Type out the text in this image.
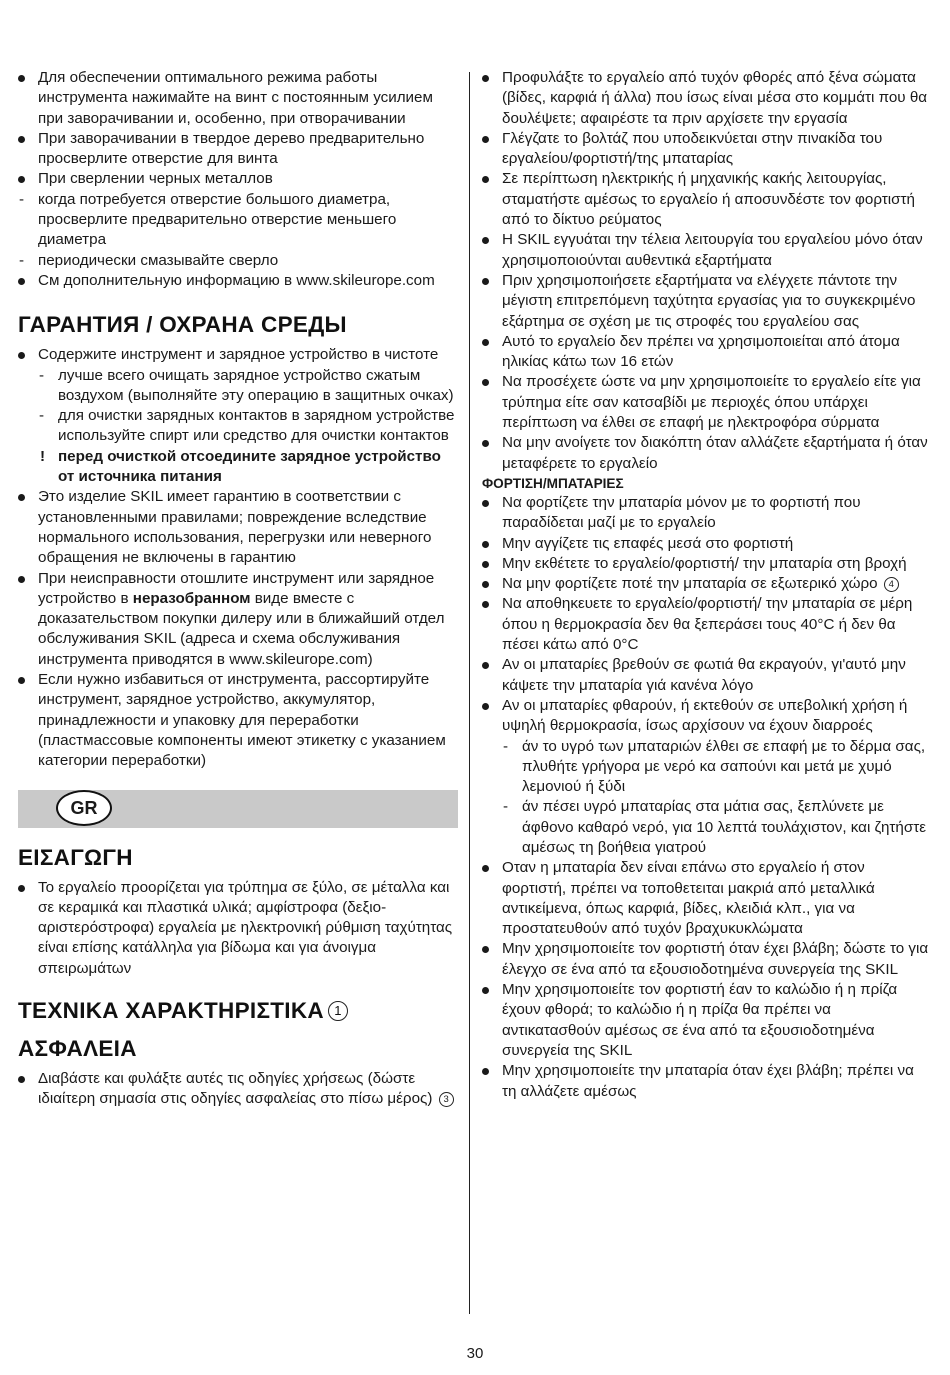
Для обеспечении оптимального режима работы инструмента нажимайте на винт с постоянным усилием при заворачивании и, особенно, при отворачивании
При заворачивании в твердое дерево предварительно просверлите отверстие для винта
При сверлении черных металлов
- когда потребуется отверстие большого диаметра, просверлите предварительно отверстие меньшего диаметра
- периодически смазывайте сверло
См дополнительную информацию в www.skileurope.com
ГАРАНТИЯ / ОХРАНА СРЕДЫ
Содержите инструмент и зарядное устройство в чистоте
- лучше всего очищать зарядное устройство сжатым воздухом (выполняйте эту операцию в защитных очках)
- для очистки зарядных контактов в зарядном устройстве используйте спирт или средство для очистки контактов
! перед очисткой отсоедините зарядное устройство от источника питания
Это изделие SKIL имеет гарантию в соответствии с установленными правилами; повреждение вследствие нормального использования, перегрузки или неверного обращения не включены в гарантию
При неисправности отошлите инструмент или зарядное устройство в неразобранном виде вместе с доказательством покупки дилеру или в ближайший отдел обслуживания SKIL (адреса и схема обслуживания инструмента приводятся в www.skileurope.com)
Если нужно избавиться от инструмента, рассортируйте инструмент, зарядное устройство, аккумулятор, принадлежности и упаковку для переработки (пластмассовые компоненты имеют этикетку с указанием категории переработки)
GR
ΕΙΣΑΓΩΓΗ
Το εργαλείο προορίζεται για τρύπημα σε ξύλο, σε μέταλλα και σε κεραμικά και πλαστικά υλικά; αμφίστροφα (δεξιο-αριστερόστροφα) εργαλεία με ηλεκτρονική ρύθμιση ταχύτητας είναι επίσης κατάλληλα για βίδωμα και για άνοιγμα σπειρωμάτων
ΤΕΧΝΙΚΑ ΧΑΡΑΚΤΗΡΙΣΤΙΚΑ 1
ΑΣΦΑΛΕΙΑ
Διαβάστε και φυλάξτε αυτές τις οδηγίες χρήσεως (δώστε ιδιαίτερη σημασία στις οδηγίες ασφαλείας στο πίσω μέρος) 3
Προφυλάξτε το εργαλείο από τυχόν φθορές από ξένα σώματα (βίδες, καρφιά ή άλλα) που ίσως είναι μέσα στο κομμάτι που θα δουλέψετε; αφαιρέστε τα πριν αρχίσετε την εργασία
Γλέγζατε το βολτάζ που υποδεικνύεται στην πινακίδα του εργαλείου/φορτιστή/της μπαταρίας
Σε περίπτωση ηλεκτρικής ή μηχανικής κακής λειτουργίας, σταματήστε αμέσως το εργαλείο ή αποσυνδέστε τον φορτιστή από το δίκτυο ρεύματος
Η SKIL εγγυάται την τέλεια λειτουργία του εργαλείου μόνο όταν χρησιμοποιούνται αυθεντικά εξαρτήματα
Πριν χρησιμοποιήσετε εξαρτήματα να ελέγχετε πάντοτε την μέγιστη επιτρεπόμενη ταχύτητα εργασίας για το συγκεκριμένο εξάρτημα σε σχέση με τις στροφές του εργαλείου σας
Αυτό το εργαλείο δεν πρέπει να χρησιμοποιείται από άτομα ηλικίας κάτω των 16 ετών
Να προσέχετε ώστε να μην χρησιμοποιείτε το εργαλείο είτε για τρύπημα είτε σαν κατσαβίδι με περιοχές όπου υπάρχει περίπτωση να έλθει σε επαφή με ηλεκτροφόρα σύρματα
Να μην ανοίγετε τον διακόπτη όταν αλλάζετε εξαρτήματα ή όταν μεταφέρετε το εργαλείο
ΦΟΡΤΙΣΗ/ΜΠΑΤΑΡΙΕΣ
Να φορτίζετε την μπαταρία μόνον με το φορτιστή που παραδίδεται μαζί με το εργαλείο
Μην αγγίζετε τις επαφές μεσά στο φορτιστή
Μην εκθέτετε το εργαλείο/φορτιστή/ την μπαταρία στη βροχή
Να μην φορτίζετε ποτέ την μπαταρία σε εξωτερικό χώρο 4
Να αποθηκευετε το εργαλείο/φορτιστή/ την μπαταρία σε μέρη όπου η θερμοκρασία δεν θα ξεπεράσει τους 40°C ή δεν θα πέσει κάτω από 0°C
Αν οι μπαταρίες βρεθούν σε φωτιά θα εκραγούν, γι'αυτό μην κάψετε την μπαταρία γιά κανένα λόγο
Αν οι μπαταρίες φθαρούν, ή εκτεθούν σε υπεβολική χρήση ή υψηλή θερμοκρασία, ίσως αρχίσουν να έχουν διαρροές
- άν το υγρό των μπαταριών έλθει σε επαφή με το δέρμα σας, πλυθήτε γρήγορα με νερό κα σαπούνι και μετά με χυμό λεμονιού ή ξύδι
- άν πέσει υγρό μπαταρίας στα μάτια σας, ξεπλύνετε με άφθονο καθαρό νερό, για 10 λεπτά τουλάχιστον, και ζητήστε αμέσως τη βοήθεια γιατρού
Οταν η μπαταρία δεν είναι επάνω στο εργαλείο ή στον φορτιστή, πρέπει να τοποθετειται μακριά από μεταλλικά αντικείμενα, όπως καρφιά, βίδες, κλειδιά κλπ., για να προστατευθούν από τυχόν βραχυκυκλώματα
Μην χρησιμοποιείτε τον φορτιστή όταν έχει βλάβη; δώστε το για έλεγχο σε ένα από τα εξουσιοδοτημένα συνεργεία της SKIL
Μην χρησιμοποιείτε τον φορτιστή έαν το καλώδιο ή η πρίζα έχουν φθορά; το καλώδιο ή η πρίζα θα πρέπει να αντικατασθούν αμέσως σε ένα από τα εξουσιοδοτημένα συνεργεία της SKIL
Μην χρησιμοποιείτε την μπαταρία όταν έχει βλάβη; πρέπει να τη αλλάζετε αμέσως
30
